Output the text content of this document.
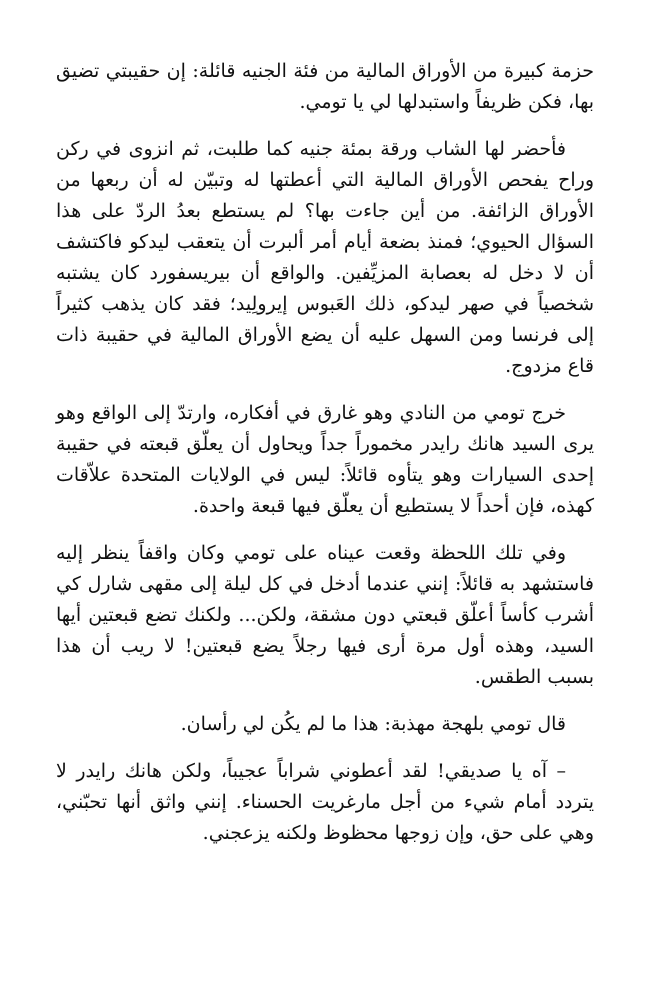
حزمة كبيرة من الأوراق المالية من فئة الجنيه قائلة: إن حقيبتي تضيق بها، فكن ظريفاً واستبدلها لي يا تومي.

فأحضر لها الشاب ورقة بمئة جنيه كما طلبت، ثم انزوى في ركن وراح يفحص الأوراق المالية التي أعطتها له وتبيّن له أن ربعها من الأوراق الزائفة. من أين جاءت بها؟ لم يستطع بعدُ الردّ على هذا السؤال الحيوي؛ فمنذ بضعة أيام أمر ألبرت أن يتعقب ليدكو فاكتشف أن لا دخل له بعصابة المزيِّفين. والواقع أن بيريسفورد كان يشتبه شخصياً في صهر ليدكو، ذلك العَبوس إيرولِيد؛ فقد كان يذهب كثيراً إلى فرنسا ومن السهل عليه أن يضع الأوراق المالية في حقيبة ذات قاع مزدوج.

خرج تومي من النادي وهو غارق في أفكاره، وارتدّ إلى الواقع وهو يرى السيد هانك رايدر مخموراً جداً ويحاول أن يعلّق قبعته في حقيبة إحدى السيارات وهو يتأوه قائلاً: ليس في الولايات المتحدة علاّقات كهذه، فإن أحداً لا يستطيع أن يعلّق فيها قبعة واحدة.

وفي تلك اللحظة وقعت عيناه على تومي وكان واقفاً ينظر إليه فاستشهد به قائلاً: إنني عندما أدخل في كل ليلة إلى مقهى شارل كي أشرب كأساً أعلّق قبعتي دون مشقة، ولكن... ولكنك تضع قبعتين أيها السيد، وهذه أول مرة أرى فيها رجلاً يضع قبعتين! لا ريب أن هذا بسبب الطقس.

قال تومي بلهجة مهذبة: هذا ما لم يكُن لي رأسان.

– آه يا صديقي! لقد أعطوني شراباً عجيباً، ولكن هانك رايدر لا يتردد أمام شيء من أجل مارغريت الحسناء. إنني واثق أنها تحبّني، وهي على حق، وإن زوجها محظوظ ولكنه يزعجني.
